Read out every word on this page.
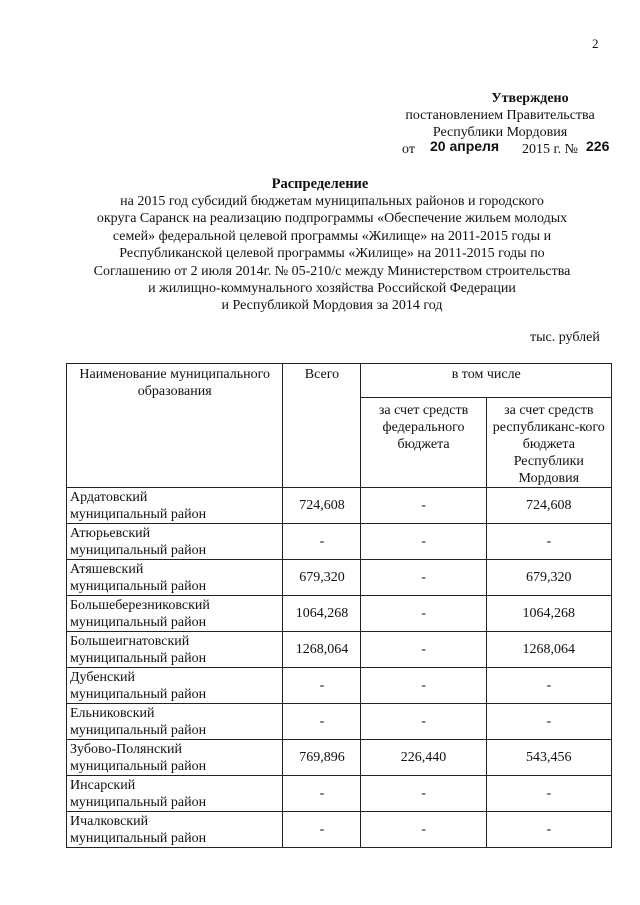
2
Утверждено
постановлением Правительства
Республики Мордовия
от 20 апреля 2015 г. № 226
Распределение
на 2015 год субсидий бюджетам муниципальных районов и городского
округа Саранск на реализацию подпрограммы «Обеспечение жильем молодых
семей» федеральной целевой программы «Жилище» на 2011-2015 годы и
Республиканской целевой программы «Жилище» на 2011-2015 годы по
Соглашению от 2 июля 2014г. № 05-210/с между Министерством строительства
и жилищно-коммунального хозяйства Российской Федерации
и Республикой Мордовия за 2014 год
тыс. рублей
Наименование муниципального образования	Всего	в том числе	
		за счет средств федерального бюджета	за счет средств республиканс-кого бюджета Республики Мордовия

Ардатовский
муниципальный район	724,608	-	724,608

Атюрьевский
муниципальный район	-	-	-

Атяшевский
муниципальный район	679,320	-	679,320

Большеберезниковский
муниципальный район	1064,268	-	1064,268

Большеигнатовский
муниципальный район	1268,064	-	1268,064

Дубенский
муниципальный район	-	-	-

Ельниковский
муниципальный район	-	-	-

Зубово-Полянский
муниципальный район	769,896	226,440	543,456

Инсарский
муниципальный район	-	-	-

Ичалковский
муниципальный район	-	-	-
